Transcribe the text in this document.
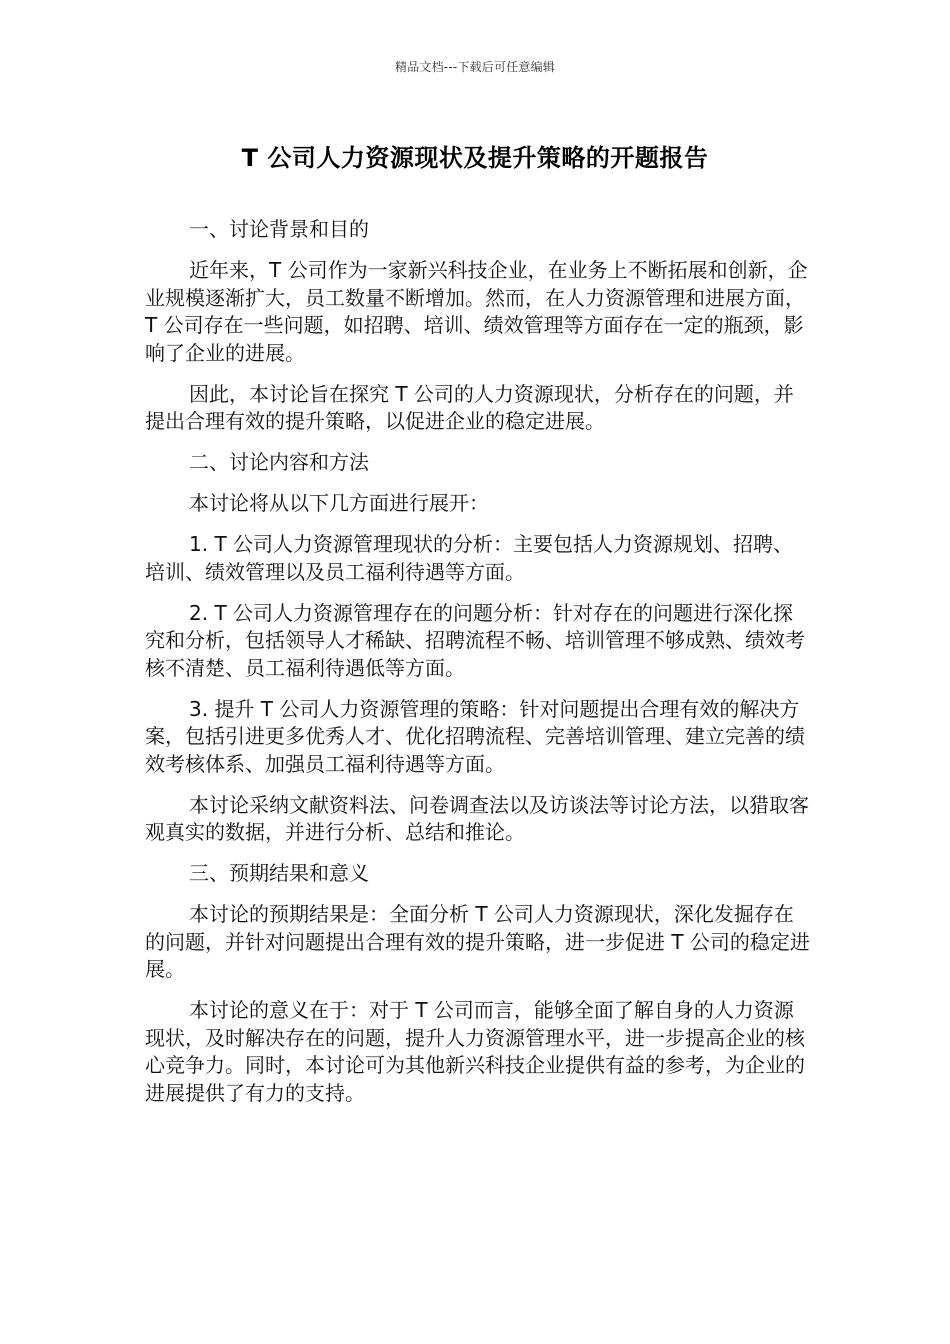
精品文档---下载后可任意编辑
T 公司人力资源现状及提升策略的开题报告

一、讨论背景和目的

近年来，T 公司作为一家新兴科技企业，在业务上不断拓展和创新，企业规模逐渐扩大，员工数量不断增加。然而，在人力资源管理和进展方面，T 公司存在一些问题，如招聘、培训、绩效管理等方面存在一定的瓶颈，影响了企业的进展。

因此，本讨论旨在探究 T 公司的人力资源现状，分析存在的问题，并提出合理有效的提升策略，以促进企业的稳定进展。

二、讨论内容和方法

本讨论将从以下几方面进行展开：

1. T 公司人力资源管理现状的分析：主要包括人力资源规划、招聘、培训、绩效管理以及员工福利待遇等方面。

2. T 公司人力资源管理存在的问题分析：针对存在的问题进行深化探究和分析，包括领导人才稀缺、招聘流程不畅、培训管理不够成熟、绩效考核不清楚、员工福利待遇低等方面。

3. 提升 T 公司人力资源管理的策略：针对问题提出合理有效的解决方案，包括引进更多优秀人才、优化招聘流程、完善培训管理、建立完善的绩效考核体系、加强员工福利待遇等方面。

本讨论采纳文献资料法、问卷调查法以及访谈法等讨论方法，以猎取客观真实的数据，并进行分析、总结和推论。

三、预期结果和意义

本讨论的预期结果是：全面分析 T 公司人力资源现状，深化发掘存在的问题，并针对问题提出合理有效的提升策略，进一步促进 T 公司的稳定进展。

本讨论的意义在于：对于 T 公司而言，能够全面了解自身的人力资源现状，及时解决存在的问题，提升人力资源管理水平，进一步提高企业的核心竞争力。同时，本讨论可为其他新兴科技企业提供有益的参考，为企业的进展提供了有力的支持。
